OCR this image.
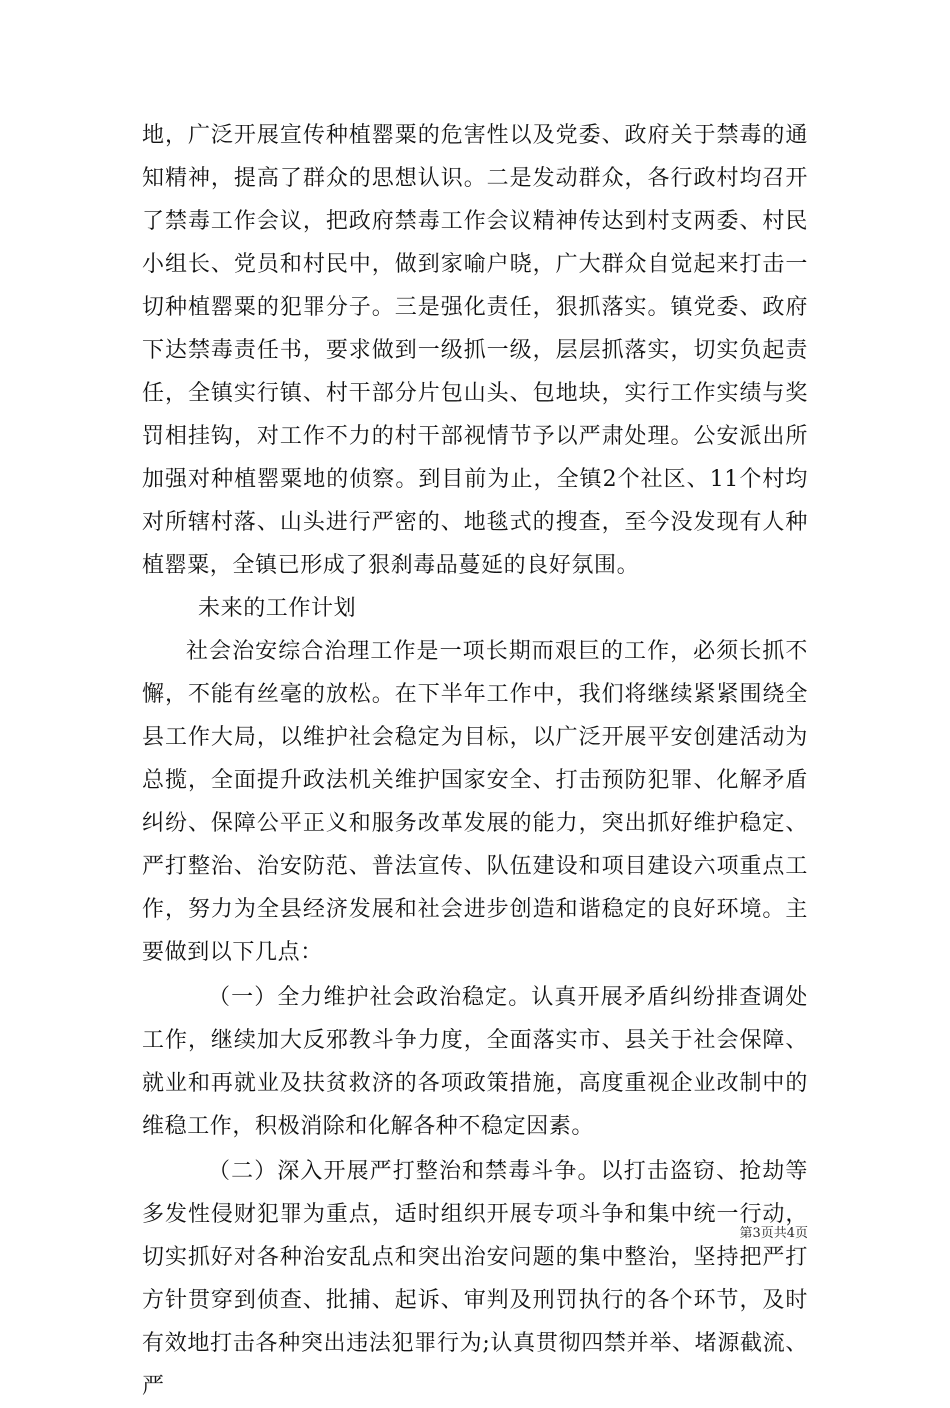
地，广泛开展宣传种植罂粟的危害性以及党委、政府关于禁毒的通知精神，提高了群众的思想认识。二是发动群众，各行政村均召开了禁毒工作会议，把政府禁毒工作会议精神传达到村支两委、村民小组长、党员和村民中，做到家喻户晓，广大群众自觉起来打击一切种植罂粟的犯罪分子。三是强化责任，狠抓落实。镇党委、政府下达禁毒责任书，要求做到一级抓一级，层层抓落实，切实负起责任，全镇实行镇、村干部分片包山头、包地块，实行工作实绩与奖罚相挂钩，对工作不力的村干部视情节予以严肃处理。公安派出所加强对种植罂粟地的侦察。到目前为止，全镇2个社区、11个村均对所辖村落、山头进行严密的、地毯式的搜查，至今没发现有人种植罂粟，全镇已形成了狠刹毒品蔓延的良好氛围。

未来的工作计划

社会治安综合治理工作是一项长期而艰巨的工作，必须长抓不懈，不能有丝毫的放松。在下半年工作中，我们将继续紧紧围绕全县工作大局，以维护社会稳定为目标，以广泛开展平安创建活动为总揽，全面提升政法机关维护国家安全、打击预防犯罪、化解矛盾纠纷、保障公平正义和服务改革发展的能力，突出抓好维护稳定、严打整治、治安防范、普法宣传、队伍建设和项目建设六项重点工作，努力为全县经济发展和社会进步创造和谐稳定的良好环境。主要做到以下几点：

（一）全力维护社会政治稳定。认真开展矛盾纠纷排查调处工作，继续加大反邪教斗争力度，全面落实市、县关于社会保障、就业和再就业及扶贫救济的各项政策措施，高度重视企业改制中的维稳工作，积极消除和化解各种不稳定因素。

（二）深入开展严打整治和禁毒斗争。以打击盗窃、抢劫等多发性侵财犯罪为重点，适时组织开展专项斗争和集中统一行动，切实抓好对各种治安乱点和突出治安问题的集中整治，坚持把严打方针贯穿到侦查、批捕、起诉、审判及刑罚执行的各个环节，及时有效地打击各种突出违法犯罪行为;认真贯彻四禁并举、堵源截流、严

第3页共4页
